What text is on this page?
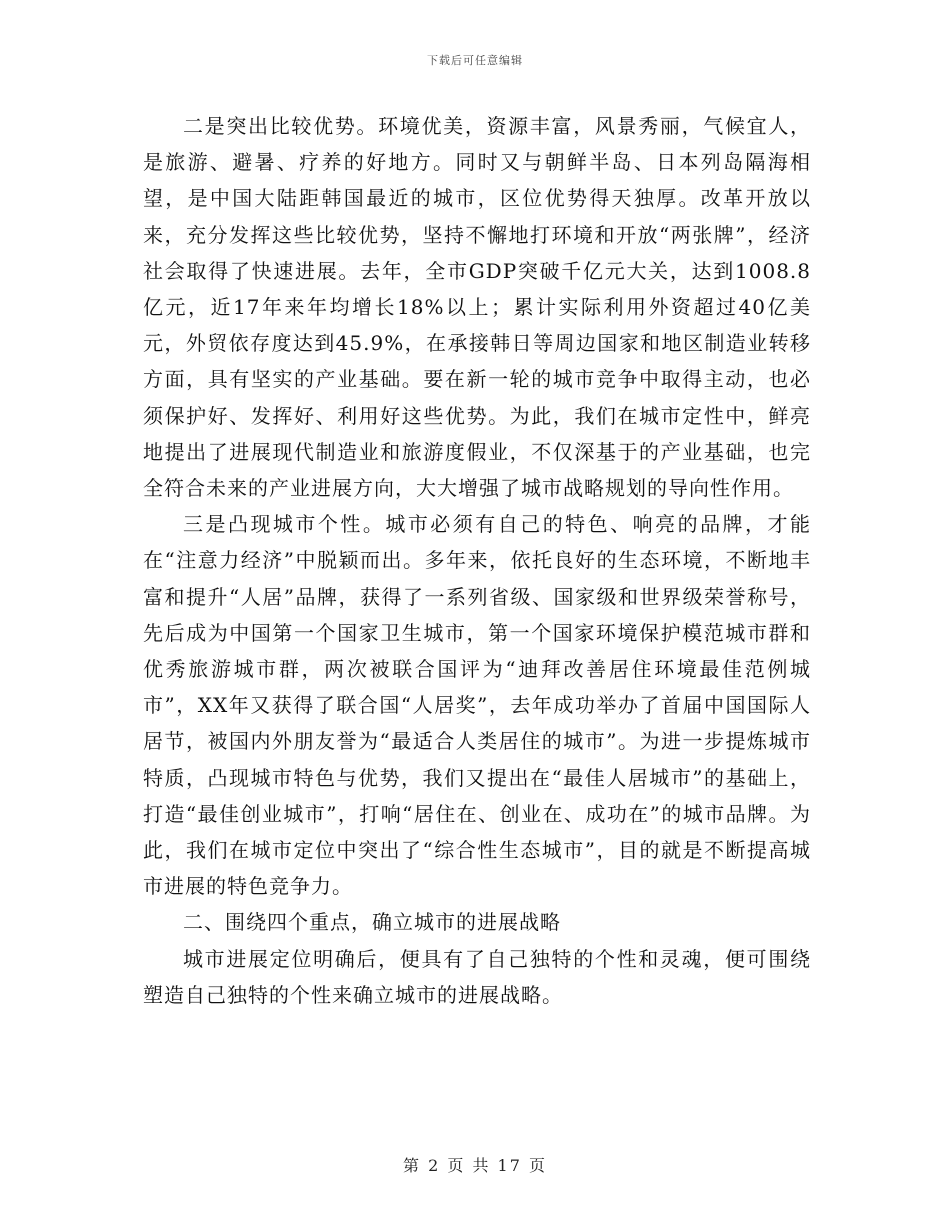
下载后可任意编辑

二是突出比较优势。环境优美，资源丰富，风景秀丽，气候宜人，是旅游、避暑、疗养的好地方。同时又与朝鲜半岛、日本列岛隔海相望，是中国大陆距韩国最近的城市，区位优势得天独厚。改革开放以来，充分发挥这些比较优势，坚持不懈地打环境和开放“两张牌”，经济社会取得了快速进展。去年，全市GDP突破千亿元大关，达到1008.8亿元，近17年来年均增长18%以上；累计实际利用外资超过40亿美元，外贸依存度达到45.9%，在承接韩日等周边国家和地区制造业转移方面，具有坚实的产业基础。要在新一轮的城市竞争中取得主动，也必须保护好、发挥好、利用好这些优势。为此，我们在城市定性中，鲜亮地提出了进展现代制造业和旅游度假业，不仅深基于的产业基础，也完全符合未来的产业进展方向，大大增强了城市战略规划的导向性作用。

三是凸现城市个性。城市必须有自己的特色、响亮的品牌，才能在“注意力经济”中脱颖而出。多年来，依托良好的生态环境，不断地丰富和提升“人居”品牌，获得了一系列省级、国家级和世界级荣誉称号，先后成为中国第一个国家卫生城市，第一个国家环境保护模范城市群和优秀旅游城市群，两次被联合国评为“迪拜改善居住环境最佳范例城市”，XX年又获得了联合国“人居奖”，去年成功举办了首届中国国际人居节，被国内外朋友誉为“最适合人类居住的城市”。为进一步提炼城市特质，凸现城市特色与优势，我们又提出在“最佳人居城市”的基础上，打造“最佳创业城市”，打响“居住在、创业在、成功在”的城市品牌。为此，我们在城市定位中突出了“综合性生态城市”，目的就是不断提高城市进展的特色竞争力。

二、围绕四个重点，确立城市的进展战略

城市进展定位明确后，便具有了自己独特的个性和灵魂，便可围绕塑造自己独特的个性来确立城市的进展战略。

第 2 页 共 17 页
